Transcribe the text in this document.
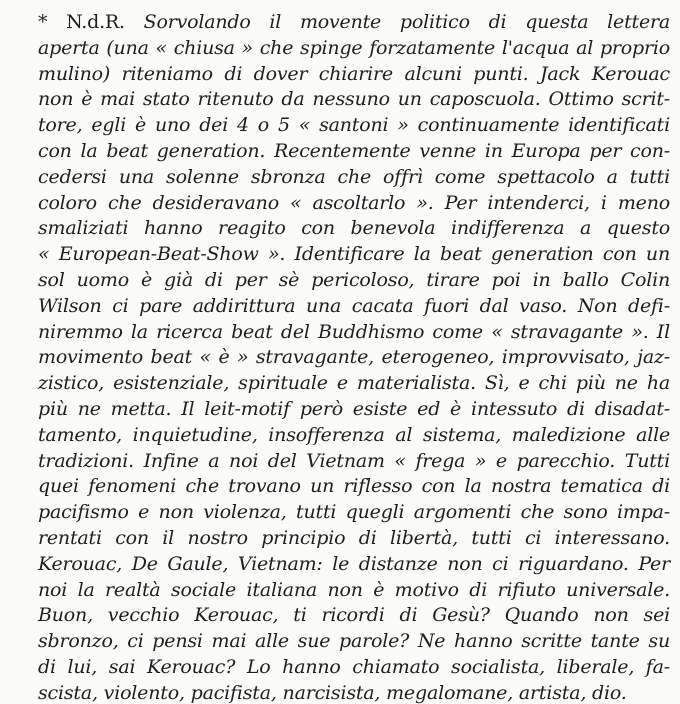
* N.d.R. Sorvolando il movente politico di questa lettera
aperta (una « chiusa » che spinge forzatamente l'acqua al proprio
mulino) riteniamo di dover chiarire alcuni punti. Jack Kerouac
non è mai stato ritenuto da nessuno un caposcuola. Ottimo scrit-
tore, egli è uno dei 4 o 5 « santoni » continuamente identificati
con la beat generation. Recentemente venne in Europa per con-
cedersi una solenne sbronza che offrì come spettacolo a tutti
coloro che desideravano « ascoltarlo ». Per intenderci, i meno
smaliziati hanno reagito con benevola indifferenza a questo
« European-Beat-Show ». Identificare la beat generation con un
sol uomo è già di per sè pericoloso, tirare poi in ballo Colin
Wilson ci pare addirittura una cacata fuori dal vaso. Non defi-
niremmo la ricerca beat del Buddhismo come « stravagante ». Il
movimento beat « è » stravagante, eterogeneo, improvvisato, jaz-
zistico, esistenziale, spirituale e materialista. Sì, e chi più ne ha
più ne metta. Il leit-motif però esiste ed è intessuto di disadat-
tamento, inquietudine, insofferenza al sistema, maledizione alle
tradizioni. Infine a noi del Vietnam « frega » e parecchio. Tutti
quei fenomeni che trovano un riflesso con la nostra tematica di
pacifismo e non violenza, tutti quegli argomenti che sono impa-
rentati con il nostro principio di libertà, tutti ci interessano.
Kerouac, De Gaule, Vietnam: le distanze non ci riguardano. Per
noi la realtà sociale italiana non è motivo di rifiuto universale.
Buon, vecchio Kerouac, ti ricordi di Gesù? Quando non sei
sbronzo, ci pensi mai alle sue parole? Ne hanno scritte tante su
di lui, sai Kerouac? Lo hanno chiamato socialista, liberale, fa-
scista, violento, pacifista, narcisista, megalomane, artista, dio.
